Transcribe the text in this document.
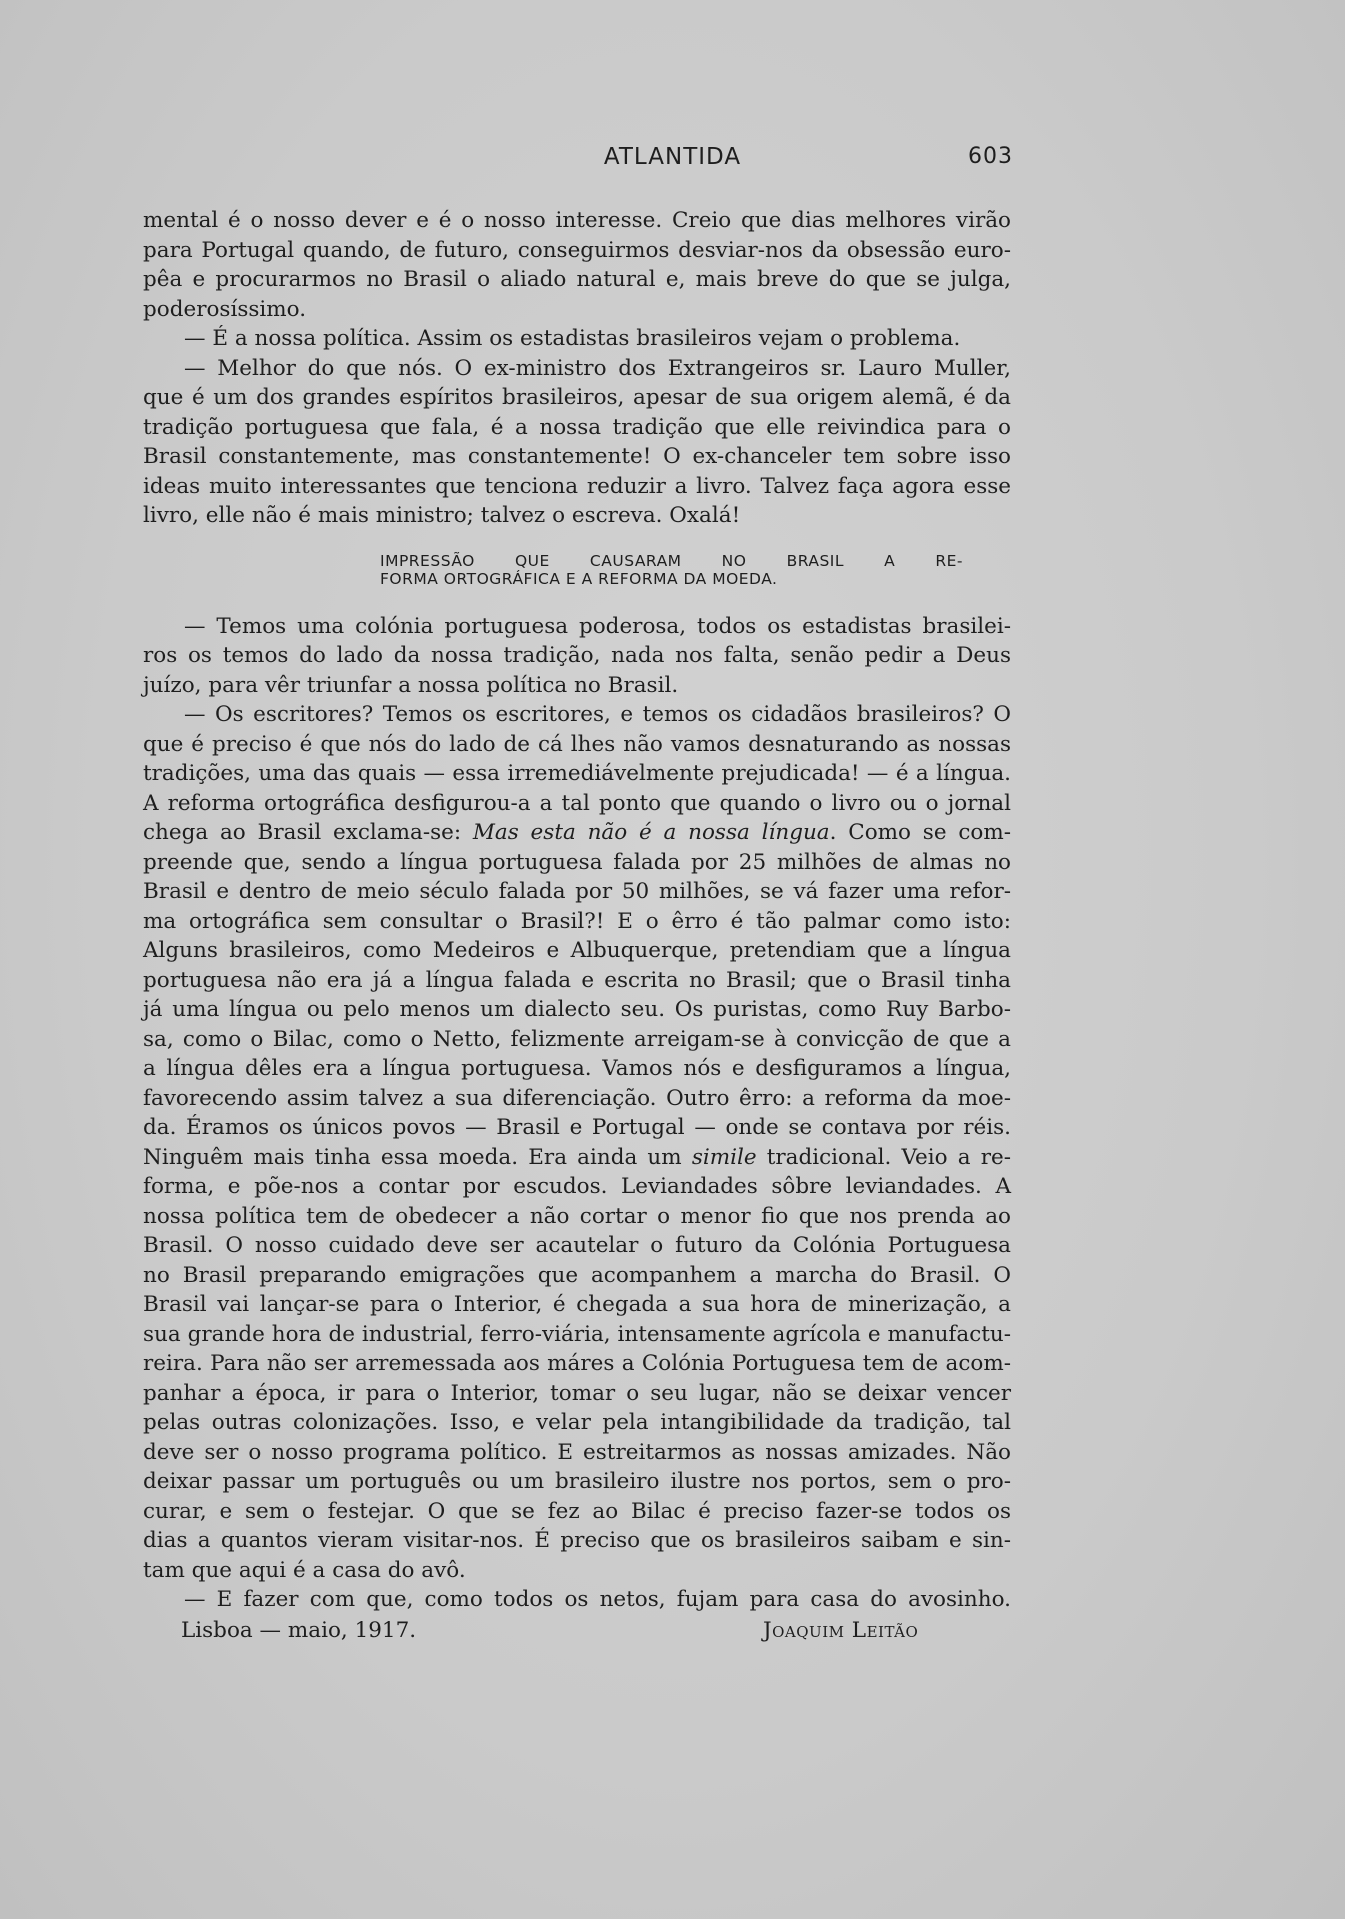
ATLANTIDA	603
mental é o nosso dever e é o nosso interesse. Creio que dias melhores virão
para Portugal quando, de futuro, conseguirmos desviar-nos da obsessão euro-
pêa e procurarmos no Brasil o aliado natural e, mais breve do que se julga,
poderosíssimo.
— É a nossa política. Assim os estadistas brasileiros vejam o problema.
— Melhor do que nós. O ex-ministro dos Extrangeiros sr. Lauro Muller,
que é um dos grandes espíritos brasileiros, apesar de sua origem alemã, é da
tradição portuguesa que fala, é a nossa tradição que elle reivindica para o
Brasil constantemente, mas constantemente! O ex-chanceler tem sobre isso
ideas muito interessantes que tenciona reduzir a livro. Talvez faça agora esse
livro, elle não é mais ministro; talvez o escreva. Oxalá!
IMPRESSÃO QUE CAUSARAM NO BRASIL A RE-
FORMA ORTOGRÁFICA E A REFORMA DA MOEDA.
— Temos uma colónia portuguesa poderosa, todos os estadistas brasilei-
ros os temos do lado da nossa tradição, nada nos falta, senão pedir a Deus
juízo, para vêr triunfar a nossa política no Brasil.
— Os escritores? Temos os escritores, e temos os cidadãos brasileiros? O
que é preciso é que nós do lado de cá lhes não vamos desnaturando as nossas
tradições, uma das quais — essa irremediávelmente prejudicada! — é a língua.
A reforma ortográfica desfigurou-a a tal ponto que quando o livro ou o jornal
chega ao Brasil exclama-se: Mas esta não é a nossa língua. Como se com-
preende que, sendo a língua portuguesa falada por 25 milhões de almas no
Brasil e dentro de meio século falada por 50 milhões, se vá fazer uma refor-
ma ortográfica sem consultar o Brasil?! E o êrro é tão palmar como isto:
Alguns brasileiros, como Medeiros e Albuquerque, pretendiam que a língua
portuguesa não era já a língua falada e escrita no Brasil; que o Brasil tinha
já uma língua ou pelo menos um dialecto seu. Os puristas, como Ruy Barbo-
sa, como o Bilac, como o Netto, felizmente arreigam-se à convicção de que a
a língua dêles era a língua portuguesa. Vamos nós e desfiguramos a língua,
favorecendo assim talvez a sua diferenciação. Outro êrro: a reforma da moe-
da. Éramos os únicos povos — Brasil e Portugal — onde se contava por réis.
Ninguêm mais tinha essa moeda. Era ainda um simile tradicional. Veio a re-
forma, e põe-nos a contar por escudos. Leviandades sôbre leviandades. A
nossa política tem de obedecer a não cortar o menor fio que nos prenda ao
Brasil. O nosso cuidado deve ser acautelar o futuro da Colónia Portuguesa
no Brasil preparando emigrações que acompanhem a marcha do Brasil. O
Brasil vai lançar-se para o Interior, é chegada a sua hora de minerização, a
sua grande hora de industrial, ferro-viária, intensamente agrícola e manufactu-
reira. Para não ser arremessada aos máres a Colónia Portuguesa tem de acom-
panhar a época, ir para o Interior, tomar o seu lugar, não se deixar vencer
pelas outras colonizações. Isso, e velar pela intangibilidade da tradição, tal
deve ser o nosso programa político. E estreitarmos as nossas amizades. Não
deixar passar um português ou um brasileiro ilustre nos portos, sem o pro-
curar, e sem o festejar. O que se fez ao Bilac é preciso fazer-se todos os
dias a quantos vieram visitar-nos. É preciso que os brasileiros saibam e sin-
tam que aqui é a casa do avô.
— E fazer com que, como todos os netos, fujam para casa do avosinho.
Lisboa — maio, 1917.	Joaquim Leitão
